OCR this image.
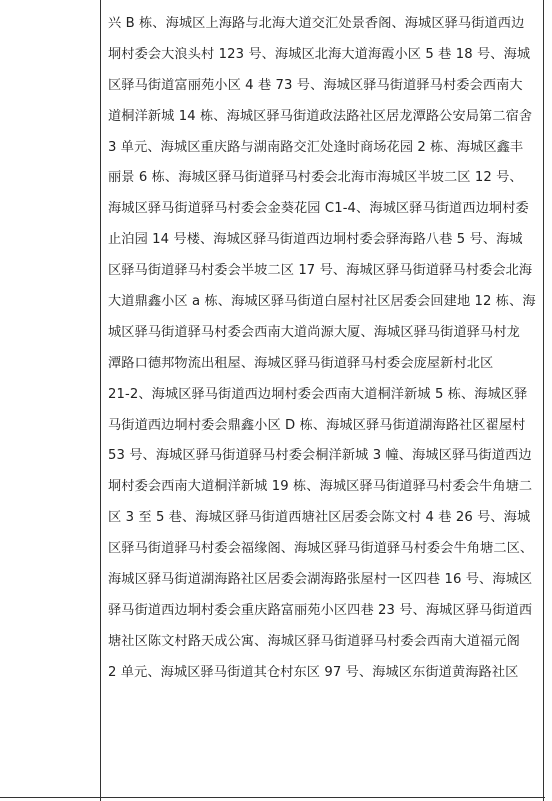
兴 B 栋、海城区上海路与北海大道交汇处景香阁、海城区驿马街道西边
垌村委会大浪头村 123 号、海城区北海大道海霞小区 5 巷 18 号、海城
区驿马街道富丽苑小区 4 巷 73 号、海城区驿马街道驿马村委会西南大
道桐洋新城 14 栋、海城区驿马街道政法路社区居龙潭路公安局第二宿舍
3 单元、海城区重庆路与湖南路交汇处逢时商场花园 2 栋、海城区鑫丰
丽景 6 栋、海城区驿马街道驿马村委会北海市海城区半坡二区 12 号、
海城区驿马街道驿马村委会金葵花园 C1-4、海城区驿马街道西边垌村委
止泊园 14 号楼、海城区驿马街道西边垌村委会驿海路八巷 5 号、海城
区驿马街道驿马村委会半坡二区 17 号、海城区驿马街道驿马村委会北海
大道鼎鑫小区 a 栋、海城区驿马街道白屋村社区居委会回建地 12 栋、海
城区驿马街道驿马村委会西南大道尚源大厦、海城区驿马街道驿马村龙
潭路口德邦物流出租屋、海城区驿马街道驿马村委会庞屋新村北区
21-2、海城区驿马街道西边垌村委会西南大道桐洋新城 5 栋、海城区驿
马街道西边垌村委会鼎鑫小区 D 栋、海城区驿马街道湖海路社区翟屋村
53 号、海城区驿马街道驿马村委会桐洋新城 3 幢、海城区驿马街道西边
垌村委会西南大道桐洋新城 19 栋、海城区驿马街道驿马村委会牛角塘二
区 3 至 5 巷、海城区驿马街道西塘社区居委会陈文村 4 巷 26 号、海城
区驿马街道驿马村委会福缘阁、海城区驿马街道驿马村委会牛角塘二区、
海城区驿马街道湖海路社区居委会湖海路张屋村一区四巷 16 号、海城区
驿马街道西边垌村委会重庆路富丽苑小区四巷 23 号、海城区驿马街道西
塘社区陈文村路天成公寓、海城区驿马街道驿马村委会西南大道福元阁
2 单元、海城区驿马街道其仓村东区 97 号、海城区东街道黄海路社区
